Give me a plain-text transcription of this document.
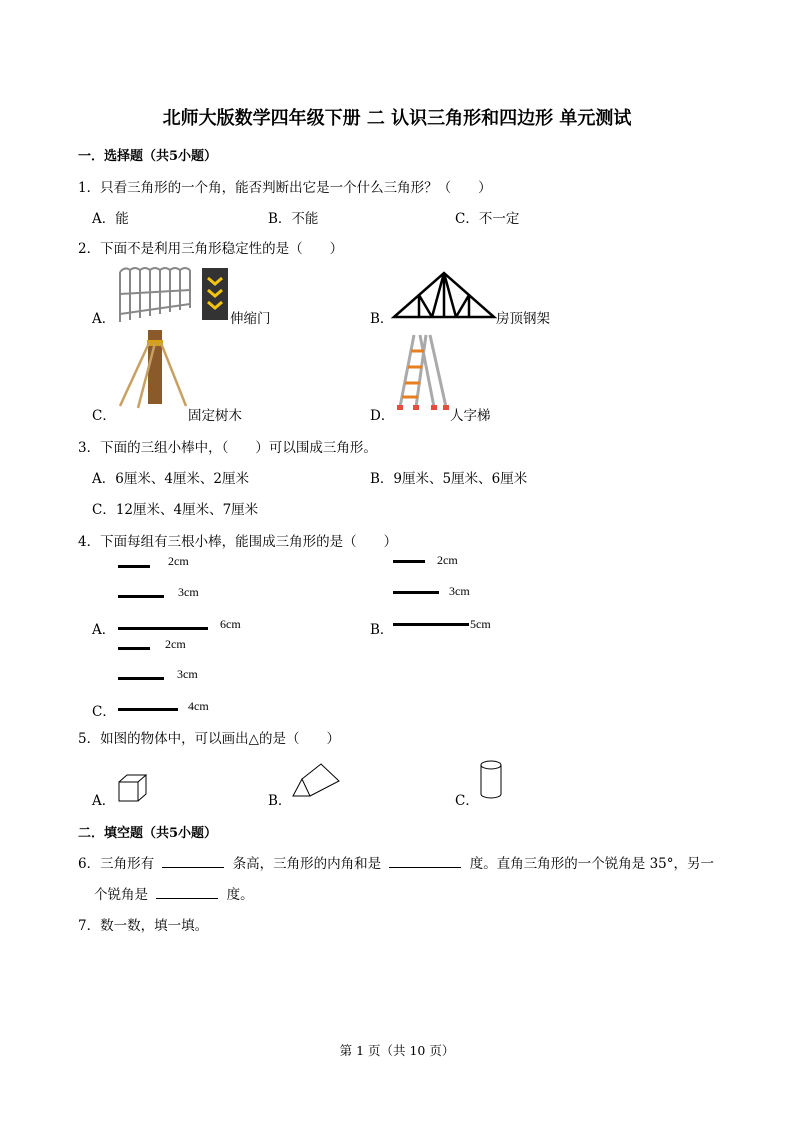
北师大版数学四年级下册 二 认识三角形和四边形 单元测试
一．选择题（共5小题）
1．只看三角形的一个角，能否判断出它是一个什么三角形？（　　）
A．能	B．不能	C．不一定
2．下面不是利用三角形稳定性的是（　　）
A．	伸缩门	B．	房顶钢架
C．	固定树木	D．	人字梯
3．下面的三组小棒中，（　　）可以围成三角形。
A．6厘米、4厘米、2厘米	B．9厘米、5厘米、6厘米
C．12厘米、4厘米、7厘米
4．下面每组有三根小棒，能围成三角形的是（　　）
2cm
3cm
A．	6cm
2cm
3cm
B．	5cm
2cm
3cm
C．	4cm
5．如图的物体中，可以画出△的是（　　）
A．	B．	C．
二．填空题（共5小题）
6．三角形有	条高，三角形的内角和是	度。直角三角形的一个锐角是 35°，另一
个锐角是	度。
7．数一数，填一填。
第 1 页（共 10 页）
